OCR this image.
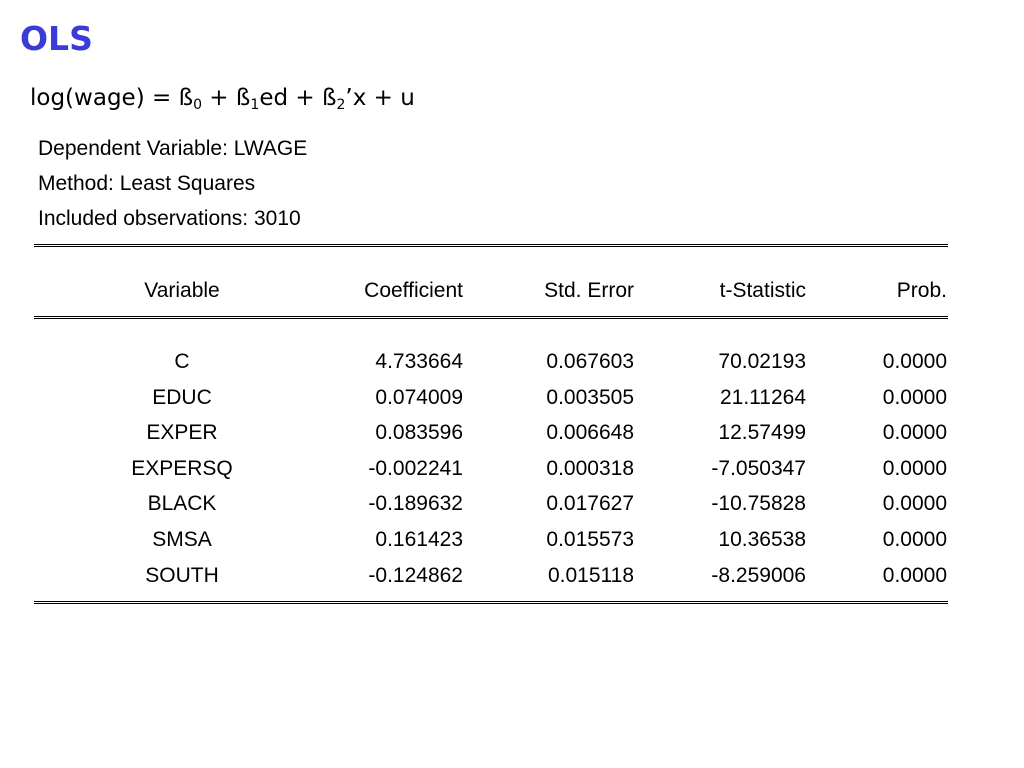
OLS
log(wage) = $ß_0$ + $ß_1ed$ + $ß_2’x + u$
Dependent Variable: LWAGE
Method: Least Squares
Included observations: 3010
Variable	Coefficient	Std. Error	t-Statistic	Prob.
C	4.733664	0.067603	70.02193	0.0000
EDUC	0.074009	0.003505	21.11264	0.0000
EXPER	0.083596	0.006648	12.57499	0.0000
EXPERSQ	-0.002241	0.000318	-7.050347	0.0000
BLACK	-0.189632	0.017627	-10.75828	0.0000
SMSA	0.161423	0.015573	10.36538	0.0000
SOUTH	-0.124862	0.015118	-8.259006	0.0000
